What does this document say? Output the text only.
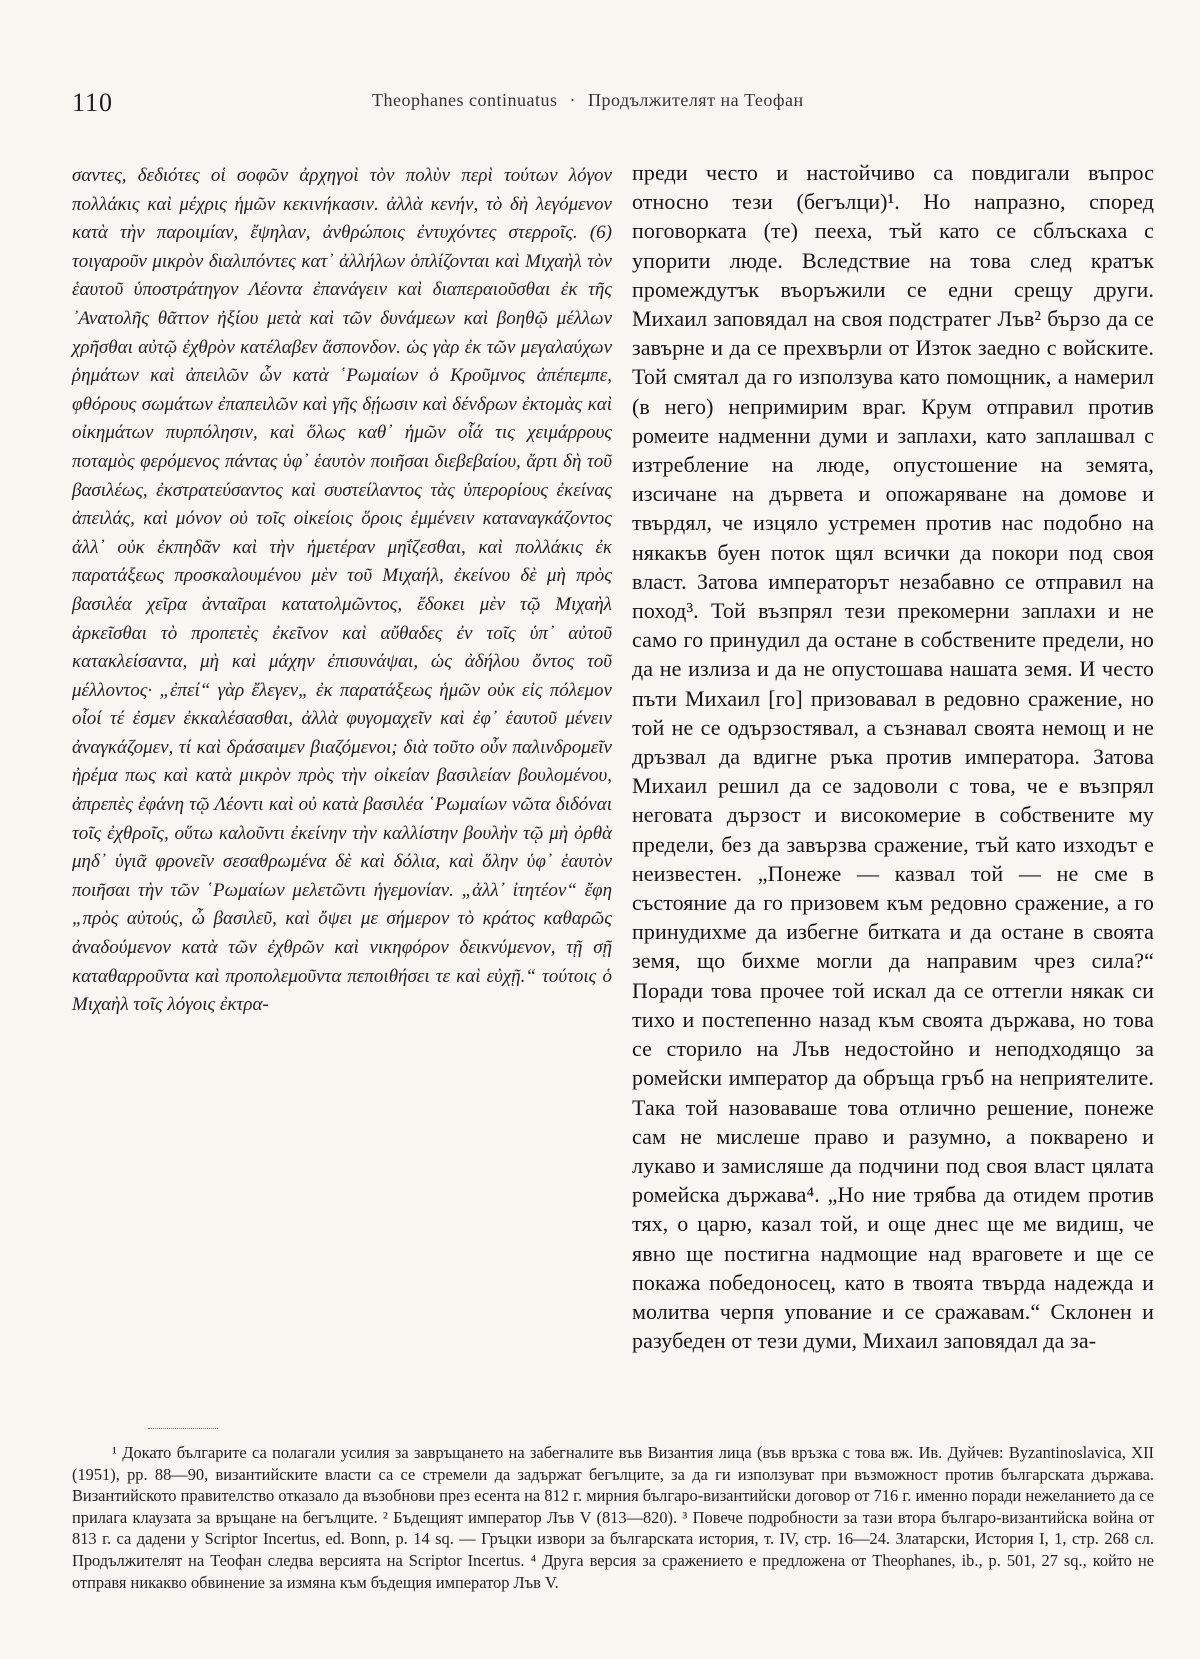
110	Theophanes continuatus · Продължителят на Теофан

σαντες, δεδιότες οἱ σοφῶν ἀρχηγοὶ τὸν πολὺν περὶ τούτων λόγον πολλάκις καὶ μέχρις ἡμῶν κεκινήκασιν. ἀλλὰ κενήν, τὸ δὴ λεγόμενον κατὰ τὴν παροιμίαν, ἔψηλαν, ἀνθρώποις ἐντυχόντες στερροῖς. (6) τοιγαροῦν μικρὸν διαλιπόντες κατ᾽ ἀλλήλων ὁπλίζονται καὶ Μιχαὴλ τὸν ἑαυτοῦ ὑποστράτηγον Λέοντα ἐπανάγειν καὶ διαπεραιοῦσθαι ἐκ τῆς ᾽Ανατολῆς θᾶττον ἠξίου μετὰ καὶ τῶν δυνάμεων καὶ βοηθῷ μέλλων χρῆσθαι αὐτῷ ἐχθρὸν κατέλαβεν ἄσπονδον. ὡς γὰρ ἐκ τῶν μεγαλαύχων ῥημάτων καὶ ἀπειλῶν ὧν κατὰ ῾Ρωμαίων ὁ Κροῦμνος ἀπέπεμπε, φθόρους σωμάτων ἐπαπειλῶν καὶ γῆς δῄωσιν καὶ δένδρων ἐκτομὰς καὶ οἰκημάτων πυρπόλησιν, καὶ ὅλως καθ᾽ ἡμῶν οἷά τις χειμάρρους ποταμὸς φερόμενος πάντας ὑφ᾽ ἑαυτὸν ποιῆσαι διεβεβαίου, ἄρτι δὴ τοῦ βασιλέως, ἐκστρατεύσαντος καὶ συστείλαντος τὰς ὑπερορίους ἐκείνας ἀπειλάς, καὶ μόνον οὐ τοῖς οἰκείοις ὅροις ἐμμένειν καταναγκάζοντος ἀλλ᾽ οὐκ ἐκπηδᾶν καὶ τὴν ἡμετέραν μηΐζεσθαι, καὶ πολλάκις ἐκ παρατάξεως προσκαλουμένου μὲν τοῦ Μιχαήλ, ἐκείνου δὲ μὴ πρὸς βασιλέα χεῖρα ἀνταῖραι κατατολμῶντος, ἔδοκει μὲν τῷ Μιχαὴλ ἀρκεῖσθαι τὸ προπετὲς ἐκεῖνον καὶ αὔθαδες ἐν τοῖς ὑπ᾽ αὐτοῦ κατακλείσαντα, μὴ καὶ μάχην ἐπισυνάψαι, ὡς ἀδήλου ὄντος τοῦ μέλλοντος· „ἐπεί“ γὰρ ἔλεγεν„ ἐκ παρατάξεως ἡμῶν οὐκ εἰς πόλεμον οἷοί τέ ἐσμεν ἐκκαλέσασθαι, ἀλλὰ φυγομαχεῖν καὶ ἐφ᾽ ἑαυτοῦ μένειν ἀναγκάζομεν, τί καὶ δράσαιμεν βιαζόμενοι; διὰ τοῦτο οὖν παλινδρομεῖν ἠρέμα πως καὶ κατὰ μικρὸν πρὸς τὴν οἰκείαν βασιλείαν βουλομένου, ἀπρεπὲς ἐφάνη τῷ Λέοντι καὶ οὐ κατὰ βασιλέα ῾Ρωμαίων νῶτα διδόναι τοῖς ἐχθροῖς, οὕτω καλοῦντι ἐκείνην τὴν καλλίστην βουλὴν τῷ μὴ ὀρθὰ μηδ᾽ ὑγιᾶ φρονεῖν σεσαθρωμένα δὲ καὶ δόλια, καὶ ὅλην ὑφ᾽ ἑαυτὸν ποιῆσαι τὴν τῶν ῾Ρωμαίων μελετῶντι ἡγεμονίαν. „ἀλλ᾽ ἰτητέον“ ἔφη „πρὸς αὐτούς, ὦ βασιλεῦ, καὶ ὄψει με σήμερον τὸ κράτος καθαρῶς ἀναδούμενον κατὰ τῶν ἐχθρῶν καὶ νικηφόρον δεικνύμενον, τῇ σῇ καταθαρροῦντα καὶ προπολεμοῦντα πεποιθήσει τε καὶ εὐχῇ.“ τούτοις ὁ Μιχαὴλ τοῖς λόγοις ἐκτρα-

преди често и настойчиво са повдигали въпрос относно тези (бегълци)¹. Но напразно, според поговорката (те) пееха, тъй като се сблъскаха с упорити люде. Вследствие на това след кратък промеждутък въоръжили се едни срещу други. Михаил заповядал на своя подстратег Лъв² бързо да се завърне и да се прехвърли от Изток заедно с войските. Той смятал да го използува като помощник, а намерил (в него) непримирим враг. Крум отправил против ромеите надменни думи и заплахи, като заплашвал с изтребление на люде, опустошение на земята, изсичане на дървета и опожаряване на домове и твърдял, че изцяло устремен против нас подобно на някакъв буен поток щял всички да покори под своя власт. Затова императорът незабавно се отправил на поход³. Той възпрял тези прекомерни заплахи и не само го принудил да остане в собствените предели, но да не излиза и да не опустошава нашата земя. И често пъти Михаил [го] призовавал в редовно сражение, но той не се одързостявал, а съзнавал своята немощ и не дръзвал да вдигне ръка против императора. Затова Михаил решил да се задоволи с това, че е възпрял неговата дързост и високомерие в собствените му предели, без да завързва сражение, тъй като изходът е неизвестен. „Понеже — казвал той — не сме в състояние да го призовем към редовно сражение, а го принудихме да избегне битката и да остане в своята земя, що бихме могли да направим чрез сила?“ Поради това прочее той искал да се оттегли някак си тихо и постепенно назад към своята държава, но това се сторило на Лъв недостойно и неподходящо за ромейски император да обръща гръб на неприятелите. Така той назоваваше това отлично решение, понеже сам не мислеше право и разумно, а покварено и лукаво и замисляше да подчини под своя власт цялата ромейска държава⁴. „Но ние трябва да отидем против тях, о царю, казал той, и още днес ще ме видиш, че явно ще постигна надмощие над враговете и ще се покажа победоносец, като в твоята твърда надежда и молитва черпя упование и се сражавам.“ Склонен и разубеден от тези думи, Михаил заповядал да за-

¹ Докато българите са полагали усилия за завръщането на забегналите във Византия лица (във връзка с това вж. Ив. Дуйчев: Byzantinoslavica, XII (1951), pp. 88—90, византийските власти са се стремели да задържат бегълците, за да ги използуват при възможност против българската държава. Византийското правителство отказало да възобнови през есента на 812 г. мирния българо-византийски договор от 716 г. именно поради нежеланието да се прилага клаузата за връщане на бегълците. ² Бъдещият император Лъв V (813—820). ³ Повече подробности за тази втора българо-византийска война от 813 г. са дадени у Scriptor Incertus, ed. Bonn, p. 14 sq. — Гръцки извори за българската история, т. IV, стр. 16—24. Златарски, История I, 1, стр. 268 сл. Продължителят на Теофан следва версията на Scriptor Incertus. ⁴ Друга версия за сражението е предложена от Theophanes, ib., p. 501, 27 sq., който не отправя никакво обвинение за измяна към бъдещия император Лъв V.
